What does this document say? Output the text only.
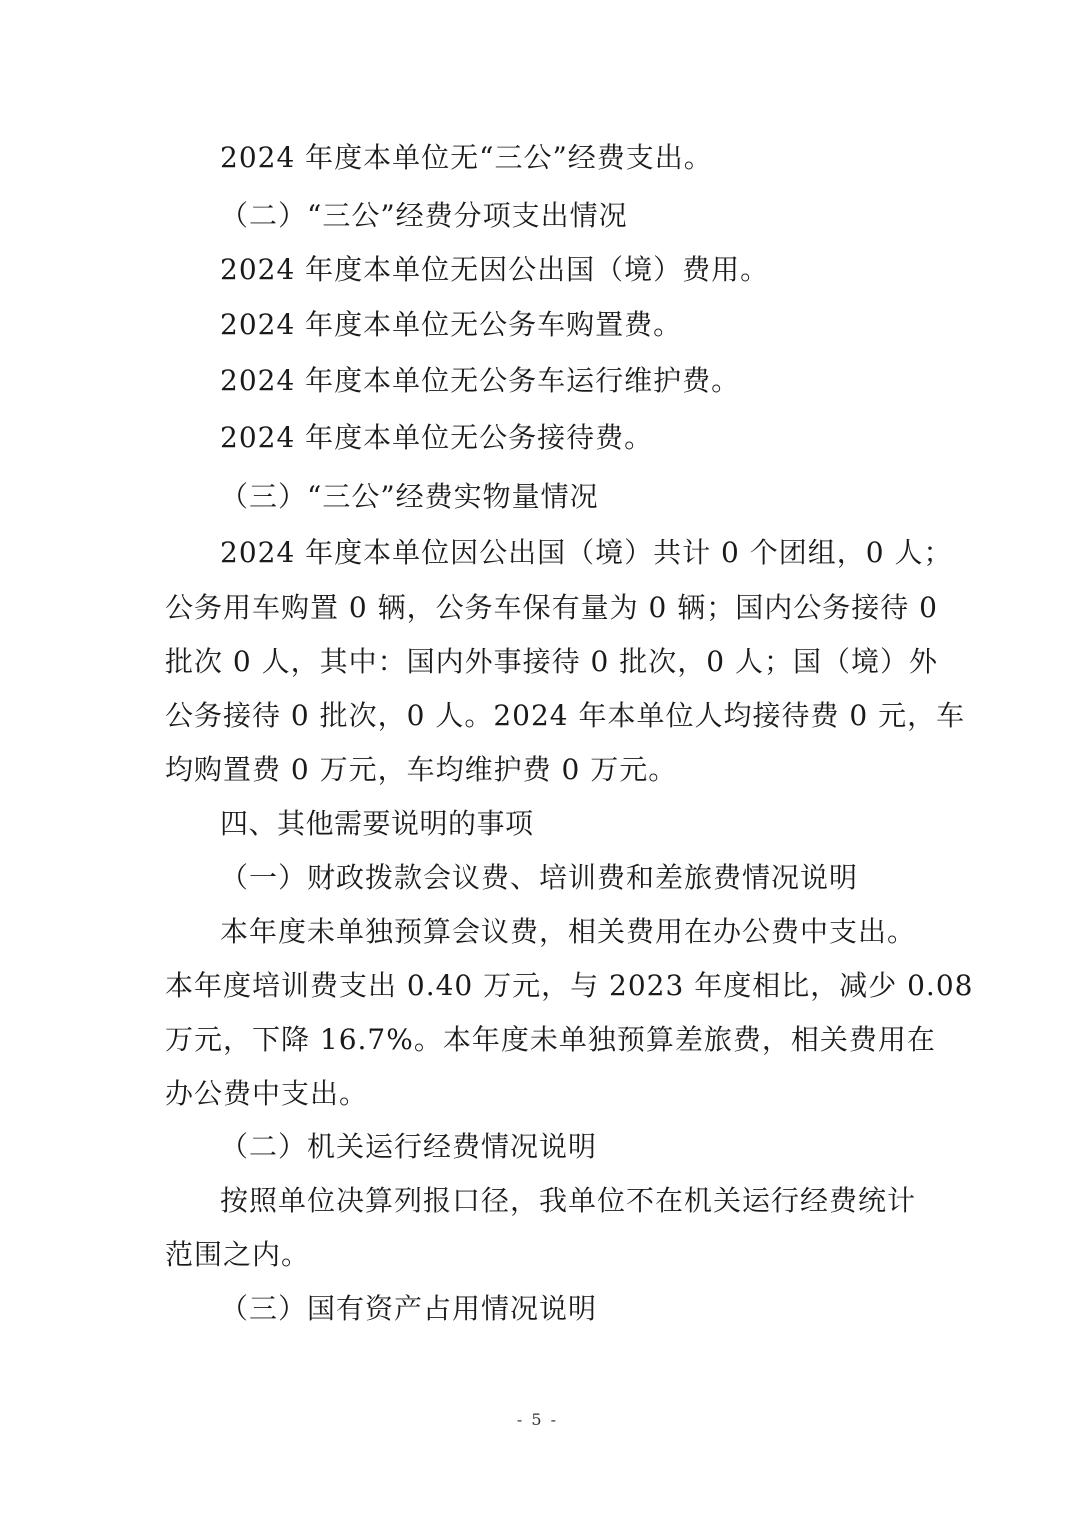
2024 年度本单位无“三公”经费支出。
（二）“三公”经费分项支出情况
2024 年度本单位无因公出国（境）费用。
2024 年度本单位无公务车购置费。
2024 年度本单位无公务车运行维护费。
2024 年度本单位无公务接待费。
（三）“三公”经费实物量情况
2024 年度本单位因公出国（境）共计 0 个团组，0 人；
公务用车购置 0 辆，公务车保有量为 0 辆；国内公务接待 0
批次 0 人，其中：国内外事接待 0 批次，0 人；国（境）外
公务接待 0 批次，0 人。2024 年本单位人均接待费 0 元，车
均购置费 0 万元，车均维护费 0 万元。
四、其他需要说明的事项
（一）财政拨款会议费、培训费和差旅费情况说明
本年度未单独预算会议费，相关费用在办公费中支出。
本年度培训费支出 0.40 万元，与 2023 年度相比，减少 0.08
万元，下降 16.7%。本年度未单独预算差旅费，相关费用在
办公费中支出。
（二）机关运行经费情况说明
按照单位决算列报口径，我单位不在机关运行经费统计
范围之内。
（三）国有资产占用情况说明
- 5 -
